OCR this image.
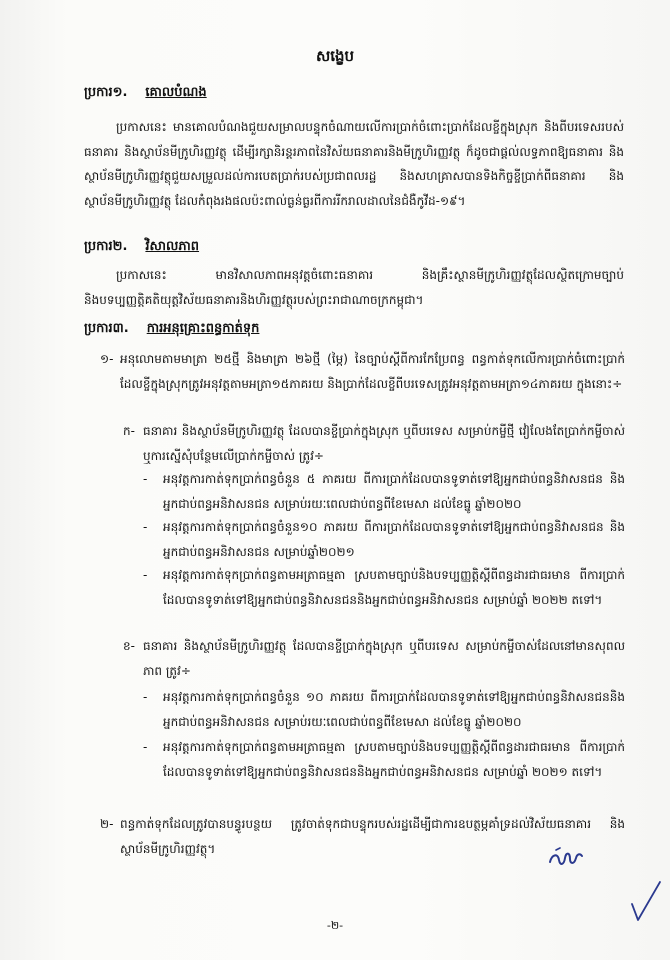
សង្ខេប
ប្រការ១. គោលបំណង
ប្រកាសនេះ មានគោលបំណងជួយសម្រាលបន្ទុកចំណាយលើការប្រាក់ចំពោះប្រាក់ដែលខ្ចីក្នុងស្រុក និងពីបរទេសរបស់ធនាគារ និងស្ថាប័នមីក្រូហិរញ្ញវត្ថុ ដើម្បីរក្សានិរន្តរភាពនៃវិស័យធនាគារនិងមីក្រូហិរញ្ញវត្ថុ ក៏ដូចជាផ្តល់លទ្ធភាពឱ្យធនាគារ និងស្ថាប័នមីក្រូហិរញ្ញវត្ថុជួយសម្រួលដល់ការបេតប្រាក់របស់ប្រជាពលរដ្ឋ និងសហគ្រាសបានទិងកិច្ចខ្ចីប្រាក់ពីធនាគារ និងស្ថាប័នមីក្រូហិរញ្ញវត្ថុ ដែលកំពុងរងផលប៉ះពាល់ធ្ងន់ធ្ងរពីការរីករាលដាលនៃជំងឺកូវីដ-១៩។
ប្រការ២. វិសាលភាព
ប្រកាសនេះ មានវិសាលភាពអនុវត្តចំពោះធនាគារ និងគ្រឹះស្ថានមីក្រូហិរញ្ញវត្ថុដែលស្ថិតក្រោមច្បាប់និងបទប្បញ្ញត្តិគតិយុត្តវិស័យធនាគារនិងហិរញ្ញវត្ថុរបស់ព្រះរាជាណាចក្រកម្ពុជា។
ប្រការ៣. ការអនុគ្រោះពន្ធកាត់ទុក
១- អនុលោមតាមមាត្រា ២៥ថ្មី និងមាត្រា ២៦ថ្មី (ម្ភៃ) នៃច្បាប់ស្តីពីការកែប្រែពន្ធ ពន្ធកាត់ទុកលើការប្រាក់ចំពោះប្រាក់ដែលខ្ចីក្នុងស្រុកត្រូវអនុវត្តតាមអត្រា១៥ភាគរយ និងប្រាក់ដែលខ្ចីពីបរទេសត្រូវអនុវត្តតាមអត្រា១៤ភាគរយ ក្នុងនោះ÷
ក- ធនាគារ និងស្ថាប័នមីក្រូហិរញ្ញវត្ថុ ដែលបានខ្ចីប្រាក់ក្នុងស្រុក ឬពីបរទេស សម្រាប់កម្ចីថ្មី វៀលែងតែប្រាក់កម្ចីចាស់ ឬការស្នើសុំបន្ថែមលើប្រាក់កម្ចីចាស់ ត្រូវ÷
- អនុវត្តការកាត់ទុកប្រាក់ពន្ធចំនួន ៥ ភាគរយ ពីការប្រាក់ដែលបានទូទាត់ទៅឱ្យអ្នកជាប់ពន្ធនិវាសនជន និងអ្នកជាប់ពន្ធអនិវាសនជន សម្រាប់រយៈពេលជាប់ពន្ធពីខែមេសា ដល់ខែធ្នូ ឆ្នាំ២០២០
- អនុវត្តការកាត់ទុកប្រាក់ពន្ធចំនួន១០ ភាគរយ ពីការប្រាក់ដែលបានទូទាត់ទៅឱ្យអ្នកជាប់ពន្ធនិវាសនជន និងអ្នកជាប់ពន្ធអនិវាសនជន សម្រាប់ឆ្នាំ២០២១
- អនុវត្តការកាត់ទុកប្រាក់ពន្ធតាមអត្រាធម្មតា ស្របតាមច្បាប់និងបទប្បញ្ញត្តិស្តីពីពន្ធដារជាធរមាន ពីការប្រាក់ដែលបានទូទាត់ទៅឱ្យអ្នកជាប់ពន្ធនិវាសនជននិងអ្នកជាប់ពន្ធអនិវាសនជន សម្រាប់ឆ្នាំ ២០២២ តទៅ។
ខ- ធនាគារ និងស្ថាប័នមីក្រូហិរញ្ញវត្ថុ ដែលបានខ្ចីប្រាក់ក្នុងស្រុក ឬពីបរទេស សម្រាប់កម្ចីចាស់ដែលនៅមានសុពលភាព ត្រូវ÷
- អនុវត្តការកាត់ទុកប្រាក់ពន្ធចំនួន ១០ ភាគរយ ពីការប្រាក់ដែលបានទូទាត់ទៅឱ្យអ្នកជាប់ពន្ធនិវាសនជននិងអ្នកជាប់ពន្ធអនិវាសនជន សម្រាប់រយៈពេលជាប់ពន្ធពីខែមេសា ដល់ខែធ្នូ ឆ្នាំ២០២០
- អនុវត្តការកាត់ទុកប្រាក់ពន្ធតាមអត្រាធម្មតា ស្របតាមច្បាប់និងបទប្បញ្ញត្តិស្តីពីពន្ធដារជាធរមាន ពីការប្រាក់ដែលបានទូទាត់ទៅឱ្យអ្នកជាប់ពន្ធនិវាសនជននិងអ្នកជាប់ពន្ធអនិវាសនជន សម្រាប់ឆ្នាំ ២០២១ តទៅ។
២- ពន្ធកាត់ទុកដែលត្រូវបានបន្ធូរបន្ថយ ត្រូវចាត់ទុកជាបន្ទុករបស់រដ្ឋដើម្បីជាការឧបត្ថម្ភគាំទ្រដល់វិស័យធនាគារ និងស្ថាប័នមីក្រូហិរញ្ញវត្ថុ។
-២-
